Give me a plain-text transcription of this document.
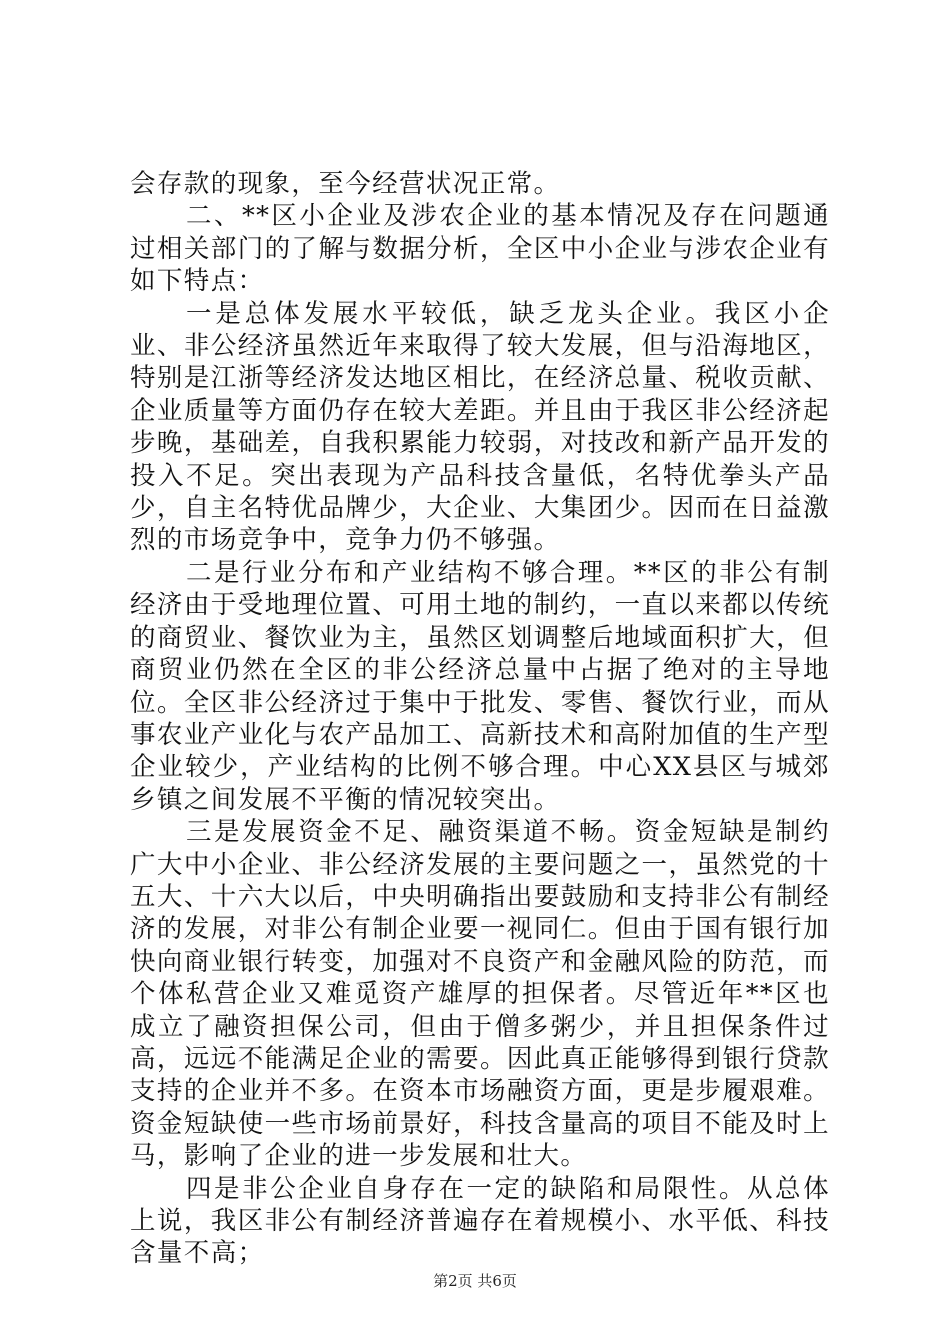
会存款的现象，至今经营状况正常。

二、**区小企业及涉农企业的基本情况及存在问题通过相关部门的了解与数据分析，全区中小企业与涉农企业有如下特点：

一是总体发展水平较低，缺乏龙头企业。我区小企业、非公经济虽然近年来取得了较大发展，但与沿海地区，特别是江浙等经济发达地区相比，在经济总量、税收贡献、企业质量等方面仍存在较大差距。并且由于我区非公经济起步晚，基础差，自我积累能力较弱，对技改和新产品开发的投入不足。突出表现为产品科技含量低，名特优拳头产品少，自主名特优品牌少，大企业、大集团少。因而在日益激烈的市场竞争中，竞争力仍不够强。

二是行业分布和产业结构不够合理。**区的非公有制经济由于受地理位置、可用土地的制约，一直以来都以传统的商贸业、餐饮业为主，虽然区划调整后地域面积扩大，但商贸业仍然在全区的非公经济总量中占据了绝对的主导地位。全区非公经济过于集中于批发、零售、餐饮行业，而从事农业产业化与农产品加工、高新技术和高附加值的生产型企业较少，产业结构的比例不够合理。中心XX县区与城郊乡镇之间发展不平衡的情况较突出。

三是发展资金不足、融资渠道不畅。资金短缺是制约广大中小企业、非公经济发展的主要问题之一，虽然党的十五大、十六大以后，中央明确指出要鼓励和支持非公有制经济的发展，对非公有制企业要一视同仁。但由于国有银行加快向商业银行转变，加强对不良资产和金融风险的防范，而个体私营企业又难觅资产雄厚的担保者。尽管近年**区也成立了融资担保公司，但由于僧多粥少，并且担保条件过高，远远不能满足企业的需要。因此真正能够得到银行贷款支持的企业并不多。在资本市场融资方面，更是步履艰难。资金短缺使一些市场前景好，科技含量高的项目不能及时上马，影响了企业的进一步发展和壮大。

四是非公企业自身存在一定的缺陷和局限性。从总体上说，我区非公有制经济普遍存在着规模小、水平低、科技含量不高；

第2页 共6页
